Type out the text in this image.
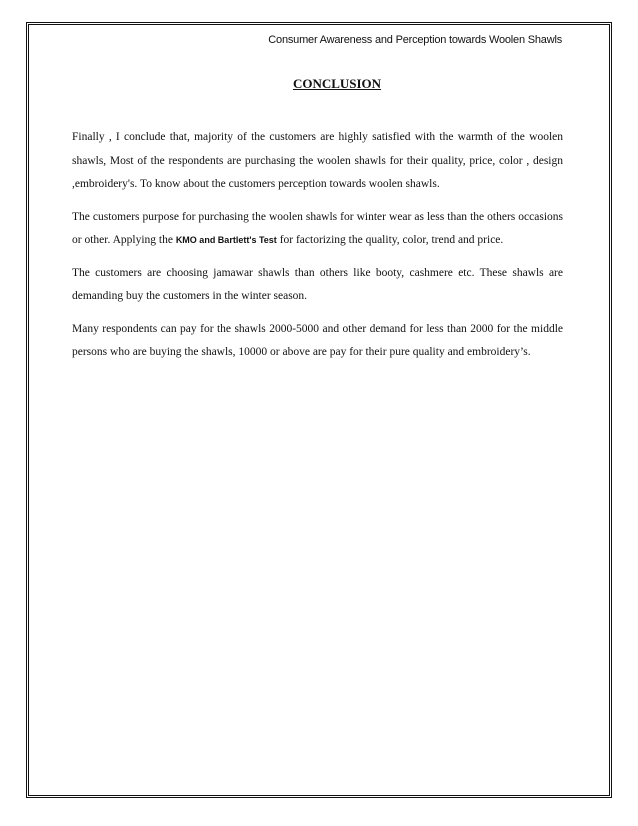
Consumer Awareness and Perception towards Woolen Shawls
CONCLUSION

Finally , I conclude that, majority of the customers are highly satisfied with the warmth of the woolen shawls, Most of the respondents are purchasing the woolen shawls for their quality, price, color , design ,embroidery's. To know about the customers perception towards woolen shawls.

The customers purpose for purchasing the woolen shawls for winter wear as less than the others occasions or other. Applying the KMO and Bartlett's Test for factorizing the quality, color, trend and price.

The customers are choosing jamawar shawls than others like booty, cashmere etc. These shawls are demanding buy the customers in the winter season.

Many respondents can pay for the shawls 2000-5000 and other demand for less than 2000 for the middle persons who are buying the shawls, 10000 or above are pay for their pure quality and embroidery’s.
